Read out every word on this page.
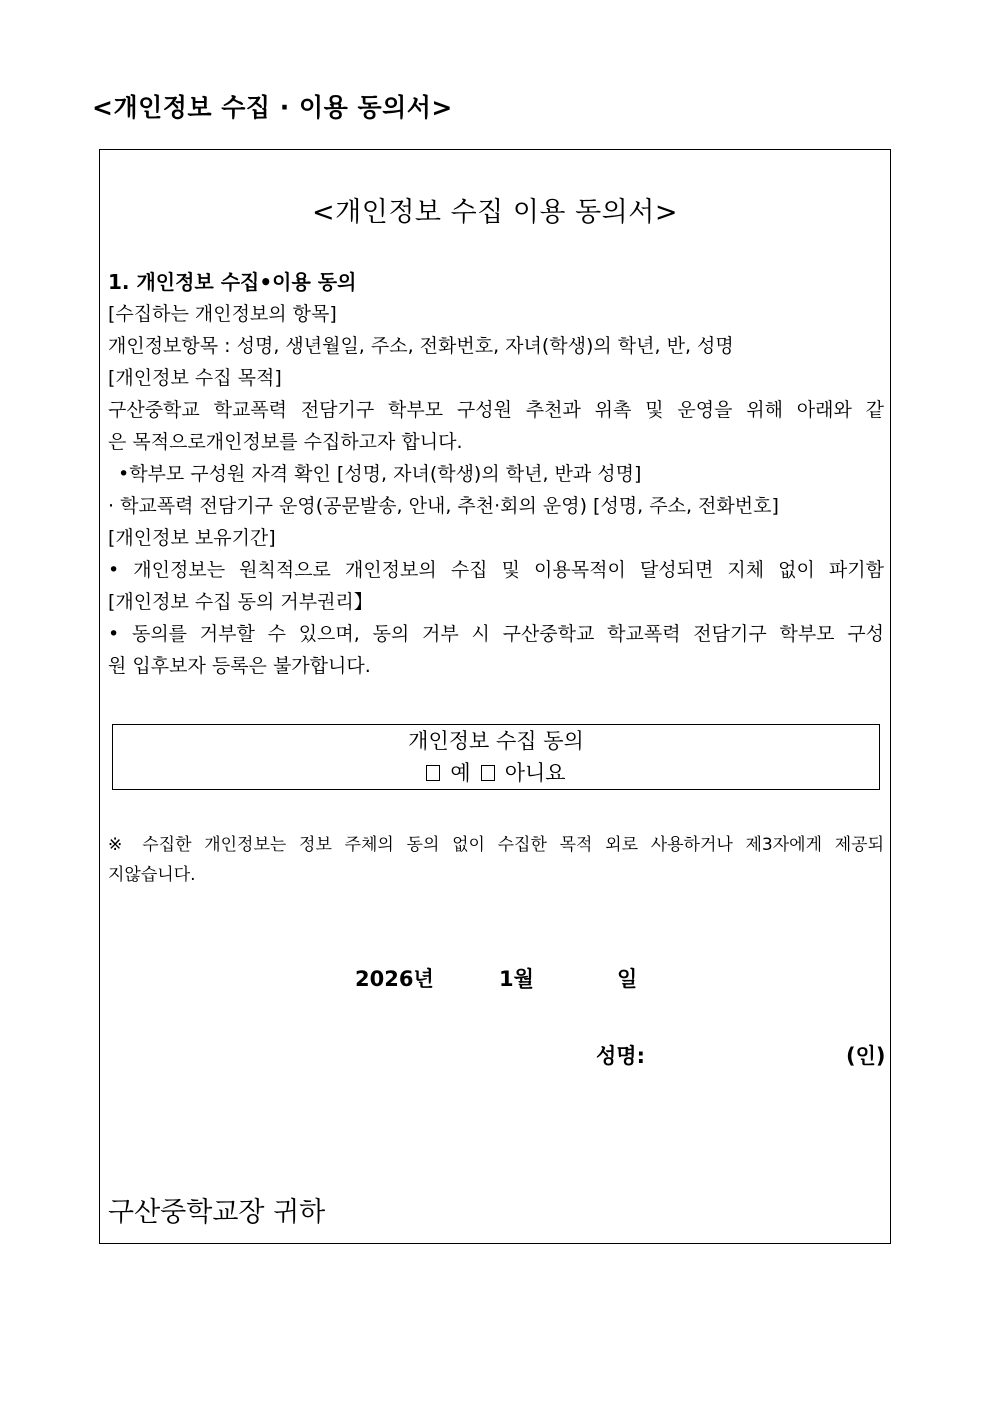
<개인정보 수집 · 이용 동의서>
<개인정보 수집 이용 동의서>
1. 개인정보 수집•이용 동의
[수집하는 개인정보의 항목]
개인정보항목 : 성명, 생년월일, 주소, 전화번호, 자녀(학생)의 학년, 반, 성명
[개인정보 수집 목적]
구산중학교 학교폭력 전담기구 학부모 구성원 추천과 위촉 및 운영을 위해 아래와 같
은 목적으로개인정보를 수집하고자 합니다.
•학부모 구성원 자격 확인 [성명, 자녀(학생)의 학년, 반과 성명]
· 학교폭력 전담기구 운영(공문발송, 안내, 추천·회의 운영) [성명, 주소, 전화번호]
[개인정보 보유기간]
• 개인정보는 원칙적으로 개인정보의 수집 및 이용목적이 달성되면 지체 없이 파기함
[개인정보 수집 동의 거부권리】
• 동의를 거부할 수 있으며, 동의 거부 시 구산중학교 학교폭력 전담기구 학부모 구성
원 입후보자 등록은 불가합니다.
개인정보 수집 동의
예 아니요
※ 수집한 개인정보는 정보 주체의 동의 없이 수집한 목적 외로 사용하거나 제3자에게 제공되
지않습니다.
2026년	1월	일
성명:	(인)
구산중학교장 귀하
